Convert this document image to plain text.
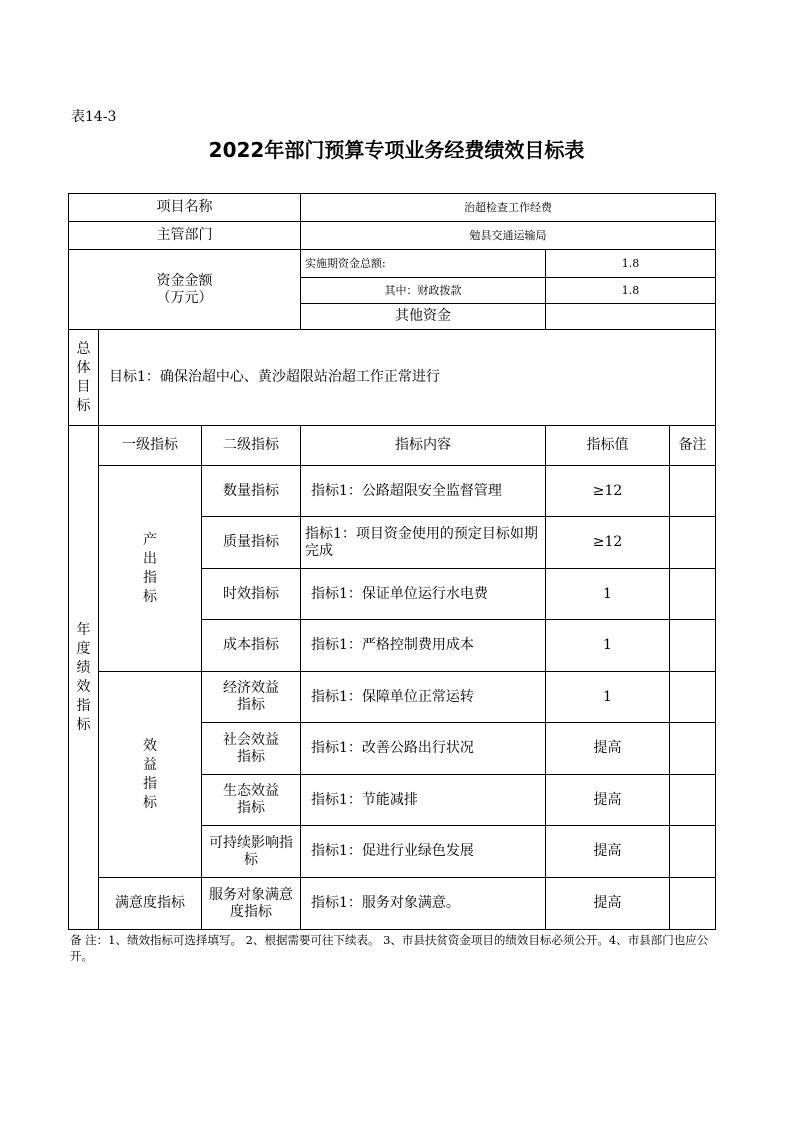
表14-3
2022年部门预算专项业务经费绩效目标表
项目名称			治超检查工作经费		
主管部门			勉县交通运输局		

资金金额
（万元）			实施期资金总额:	1.8	
			其中：财政拨款	1.8	
			其他资金		
总体目标	目标1：确保治超中心、黄沙超限站治超工作正常进行				
年度绩效指标	一级指标	二级指标	指标内容	指标值	备注
	产出指标	数量指标	指标1：公路超限安全监督管理	≥12	
		质量指标	指标1：项目资金使用的预定目标如期完成	≥12	
		时效指标	指标1：保证单位运行水电费	1	
		成本指标	指标1：严格控制费用成本	1	
	效益指标	经济效益指标	指标1：保障单位正常运转	1	

		社会效益指标	指标1：改善公路出行状况	提高	

		生态效益指标	指标1：节能减排	提高	

		可持续影响指标	指标1：促进行业绿色发展	提高	
	满意度指标	服务对象满意度指标	指标1：服务对象满意。	提高	
备 注：1、绩效指标可选择填写。 2、根据需要可往下续表。 3、市县扶贫资金项目的绩效目标必须公开。4、市县部门也应公开。
